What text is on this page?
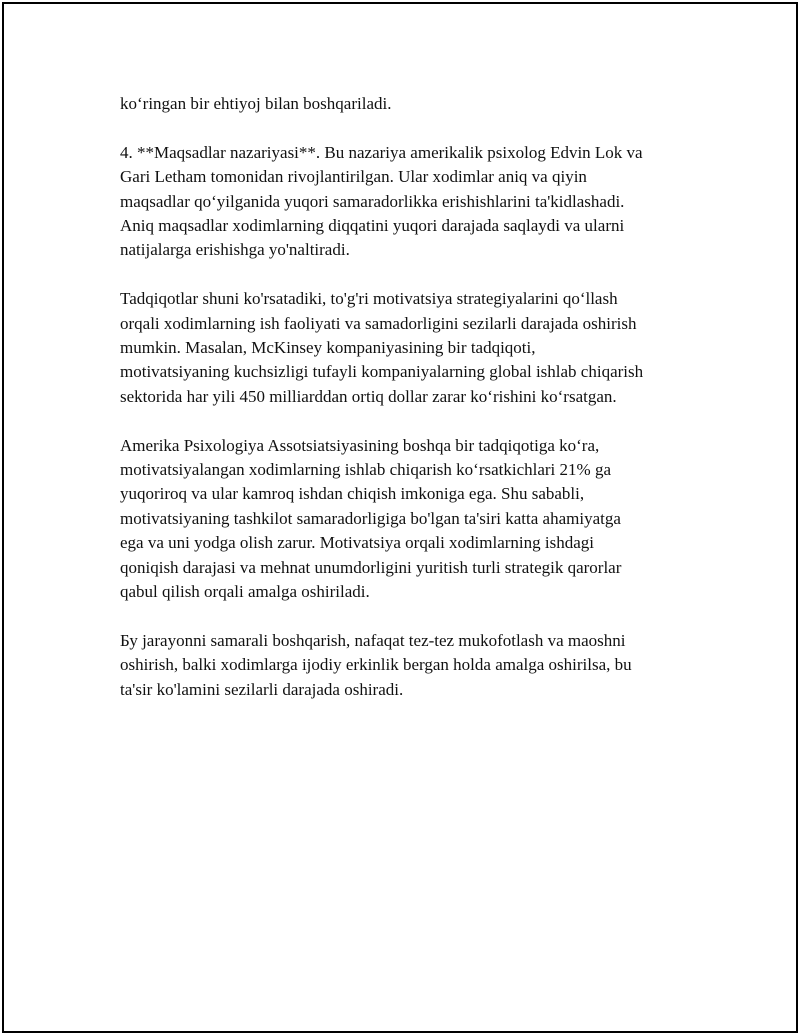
ko‘ringan bir ehtiyoj bilan boshqariladi.

4. **Maqsadlar nazariyasi**. Bu nazariya amerikalik psixolog Edvin Lok va
Gari Letham tomonidan rivojlantirilgan. Ular xodimlar aniq va qiyin
maqsadlar qo‘yilganida yuqori samaradorlikka erishishlarini ta'kidlashadi.
Aniq maqsadlar xodimlarning diqqatini yuqori darajada saqlaydi va ularni
natijalarga erishishga yo'naltiradi.

Tadqiqotlar shuni ko'rsatadiki, to'g'ri motivatsiya strategiyalarini qo‘llash
orqali xodimlarning ish faoliyati va samadorligini sezilarli darajada oshirish
mumkin. Masalan, McKinsey kompaniyasining bir tadqiqoti,
motivatsiyaning kuchsizligi tufayli kompaniyalarning global ishlab chiqarish
sektorida har yili 450 milliarddan ortiq dollar zarar ko‘rishini ko‘rsatgan.

Amerika Psixologiya Assotsiatsiyasining boshqa bir tadqiqotiga ko‘ra,
motivatsiyalangan xodimlarning ishlab chiqarish ko‘rsatkichlari 21% ga
yuqoriroq va ular kamroq ishdan chiqish imkoniga ega. Shu sababli,
motivatsiyaning tashkilot samaradorligiga bo'lgan ta'siri katta ahamiyatga
ega va uni yodga olish zarur. Motivatsiya orqali xodimlarning ishdagi
qoniqish darajasi va mehnat unumdorligini yuritish turli strategik qarorlar
qabul qilish orqali amalga oshiriladi.

Бу jarayonni samarali boshqarish, nafaqat tez-tez mukofotlash va maoshni
oshirish, balki xodimlarga ijodiy erkinlik bergan holda amalga oshirilsa, bu
ta'sir ko'lamini sezilarli darajada oshiradi.
